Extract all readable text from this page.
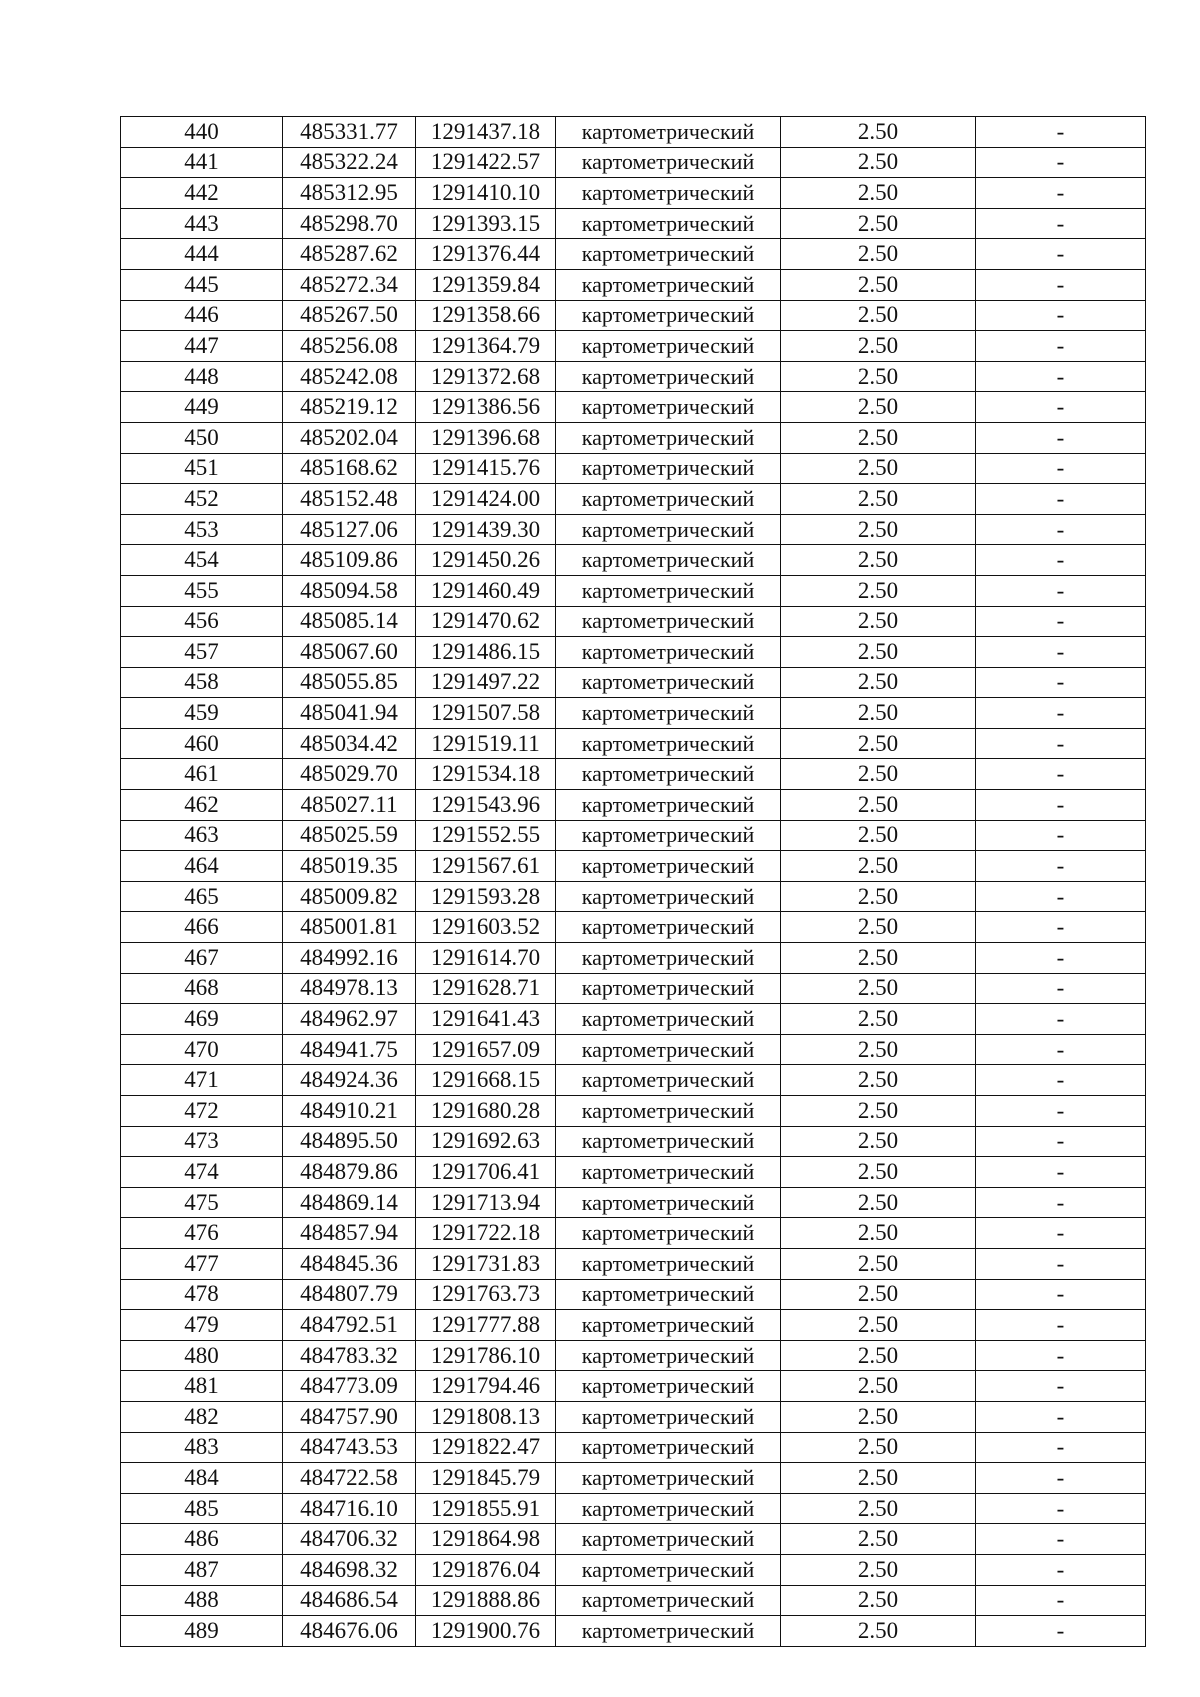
440	485331.77	1291437.18	картометрический	2.50	-
441	485322.24	1291422.57	картометрический	2.50	-
442	485312.95	1291410.10	картометрический	2.50	-
443	485298.70	1291393.15	картометрический	2.50	-
444	485287.62	1291376.44	картометрический	2.50	-
445	485272.34	1291359.84	картометрический	2.50	-
446	485267.50	1291358.66	картометрический	2.50	-
447	485256.08	1291364.79	картометрический	2.50	-
448	485242.08	1291372.68	картометрический	2.50	-
449	485219.12	1291386.56	картометрический	2.50	-
450	485202.04	1291396.68	картометрический	2.50	-
451	485168.62	1291415.76	картометрический	2.50	-
452	485152.48	1291424.00	картометрический	2.50	-
453	485127.06	1291439.30	картометрический	2.50	-
454	485109.86	1291450.26	картометрический	2.50	-
455	485094.58	1291460.49	картометрический	2.50	-
456	485085.14	1291470.62	картометрический	2.50	-
457	485067.60	1291486.15	картометрический	2.50	-
458	485055.85	1291497.22	картометрический	2.50	-
459	485041.94	1291507.58	картометрический	2.50	-
460	485034.42	1291519.11	картометрический	2.50	-
461	485029.70	1291534.18	картометрический	2.50	-
462	485027.11	1291543.96	картометрический	2.50	-
463	485025.59	1291552.55	картометрический	2.50	-
464	485019.35	1291567.61	картометрический	2.50	-
465	485009.82	1291593.28	картометрический	2.50	-
466	485001.81	1291603.52	картометрический	2.50	-
467	484992.16	1291614.70	картометрический	2.50	-
468	484978.13	1291628.71	картометрический	2.50	-
469	484962.97	1291641.43	картометрический	2.50	-
470	484941.75	1291657.09	картометрический	2.50	-
471	484924.36	1291668.15	картометрический	2.50	-
472	484910.21	1291680.28	картометрический	2.50	-
473	484895.50	1291692.63	картометрический	2.50	-
474	484879.86	1291706.41	картометрический	2.50	-
475	484869.14	1291713.94	картометрический	2.50	-
476	484857.94	1291722.18	картометрический	2.50	-
477	484845.36	1291731.83	картометрический	2.50	-
478	484807.79	1291763.73	картометрический	2.50	-
479	484792.51	1291777.88	картометрический	2.50	-
480	484783.32	1291786.10	картометрический	2.50	-
481	484773.09	1291794.46	картометрический	2.50	-
482	484757.90	1291808.13	картометрический	2.50	-
483	484743.53	1291822.47	картометрический	2.50	-
484	484722.58	1291845.79	картометрический	2.50	-
485	484716.10	1291855.91	картометрический	2.50	-
486	484706.32	1291864.98	картометрический	2.50	-
487	484698.32	1291876.04	картометрический	2.50	-
488	484686.54	1291888.86	картометрический	2.50	-
489	484676.06	1291900.76	картометрический	2.50	-
